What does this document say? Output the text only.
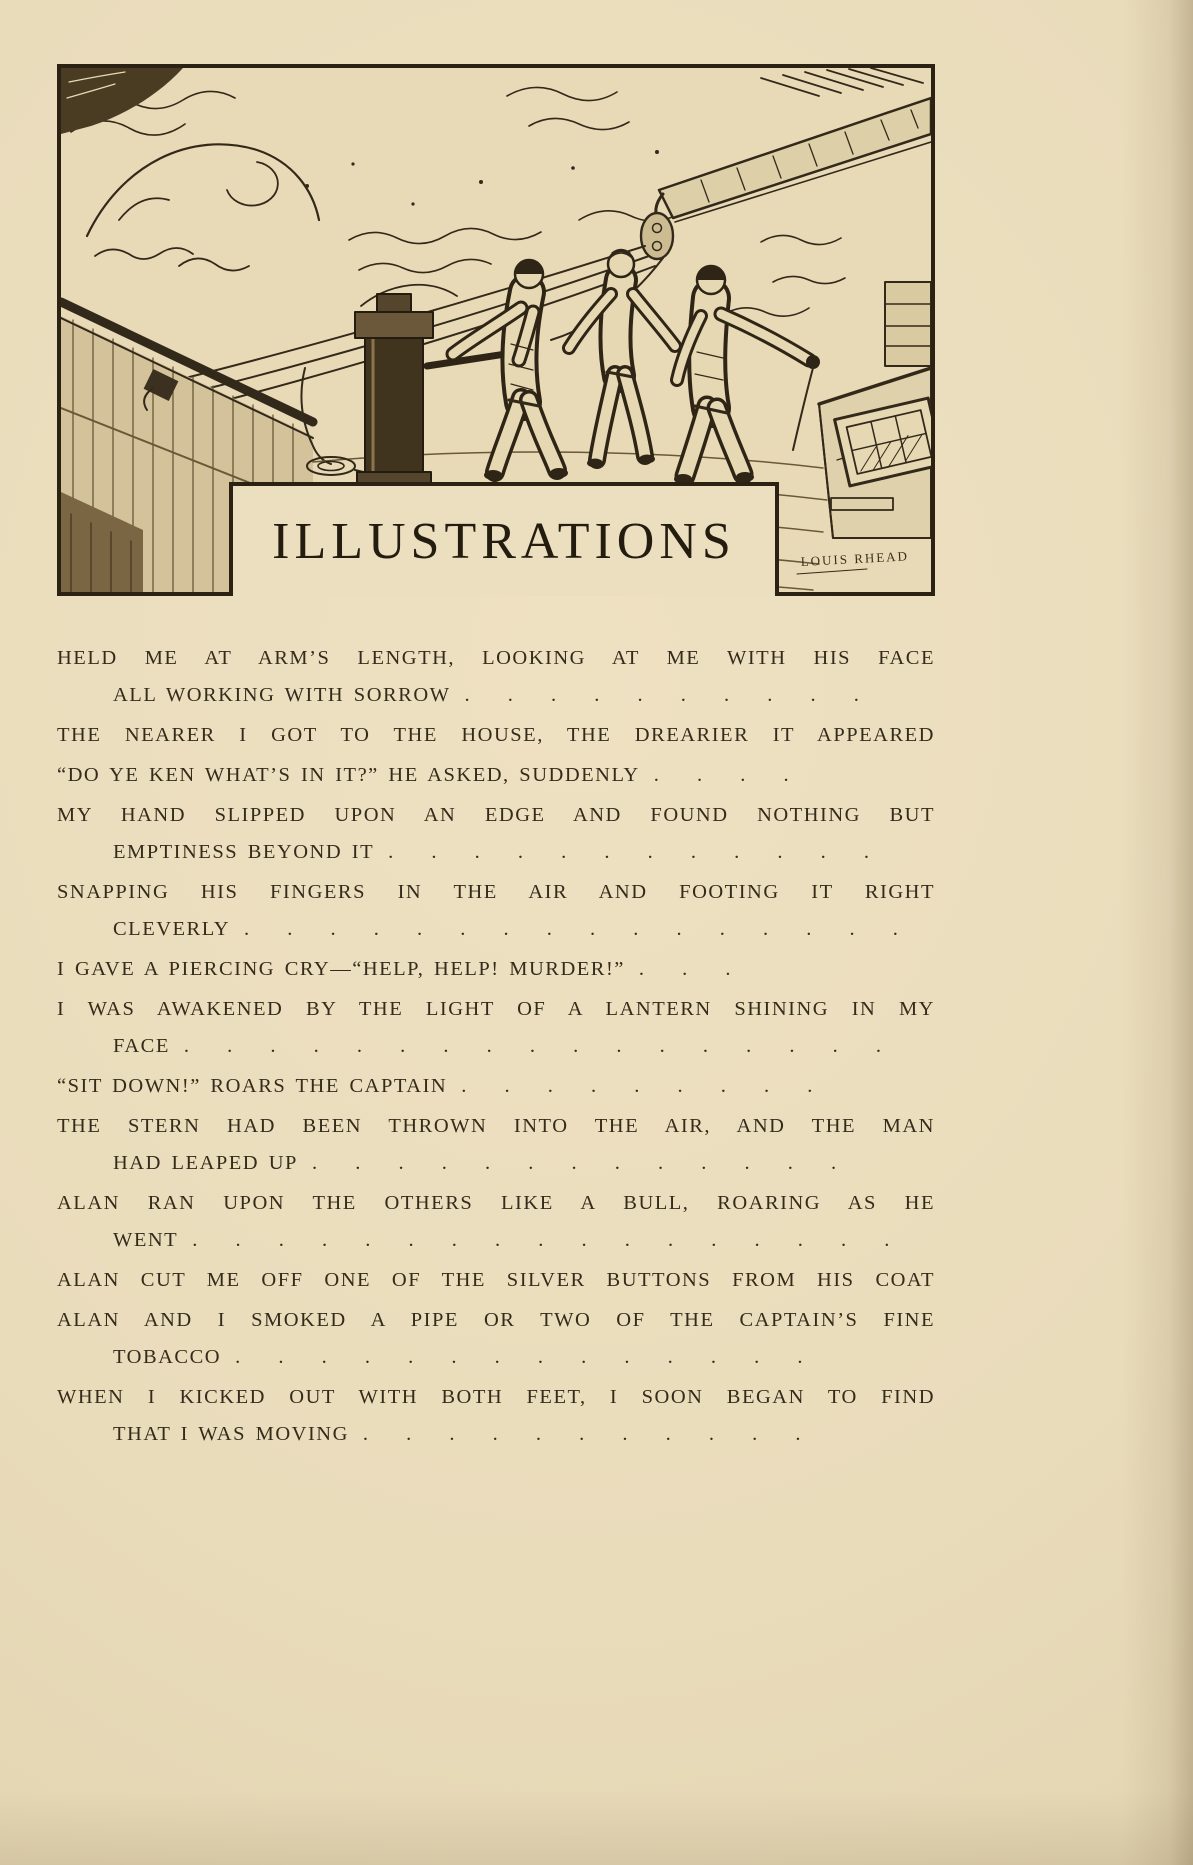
LOUIS RHEAD
ILLUSTRATIONS
HELD ME AT ARM’S LENGTH, LOOKING AT ME WITH HIS FACE
ALL WORKING WITH SORROW . . . . . . . . . .
THE NEARER I GOT TO THE HOUSE, THE DREARIER IT APPEARED
“DO YE KEN WHAT’S IN IT?” HE ASKED, SUDDENLY . . . .
MY HAND SLIPPED UPON AN EDGE AND FOUND NOTHING BUT
EMPTINESS BEYOND IT . . . . . . . . . . . .
SNAPPING HIS FINGERS IN THE AIR AND FOOTING IT RIGHT
CLEVERLY . . . . . . . . . . . . . . . .
I GAVE A PIERCING CRY—“HELP, HELP! MURDER!” . . .
I WAS AWAKENED BY THE LIGHT OF A LANTERN SHINING IN MY
FACE . . . . . . . . . . . . . . . . .
“SIT DOWN!” ROARS THE CAPTAIN . . . . . . . . .
THE STERN HAD BEEN THROWN INTO THE AIR, AND THE MAN
HAD LEAPED UP . . . . . . . . . . . . .
ALAN RAN UPON THE OTHERS LIKE A BULL, ROARING AS HE
WENT . . . . . . . . . . . . . . . . .
ALAN CUT ME OFF ONE OF THE SILVER BUTTONS FROM HIS COAT
ALAN AND I SMOKED A PIPE OR TWO OF THE CAPTAIN’S FINE
TOBACCO . . . . . . . . . . . . . .
WHEN I KICKED OUT WITH BOTH FEET, I SOON BEGAN TO FIND
THAT I WAS MOVING . . . . . . . . . . .
